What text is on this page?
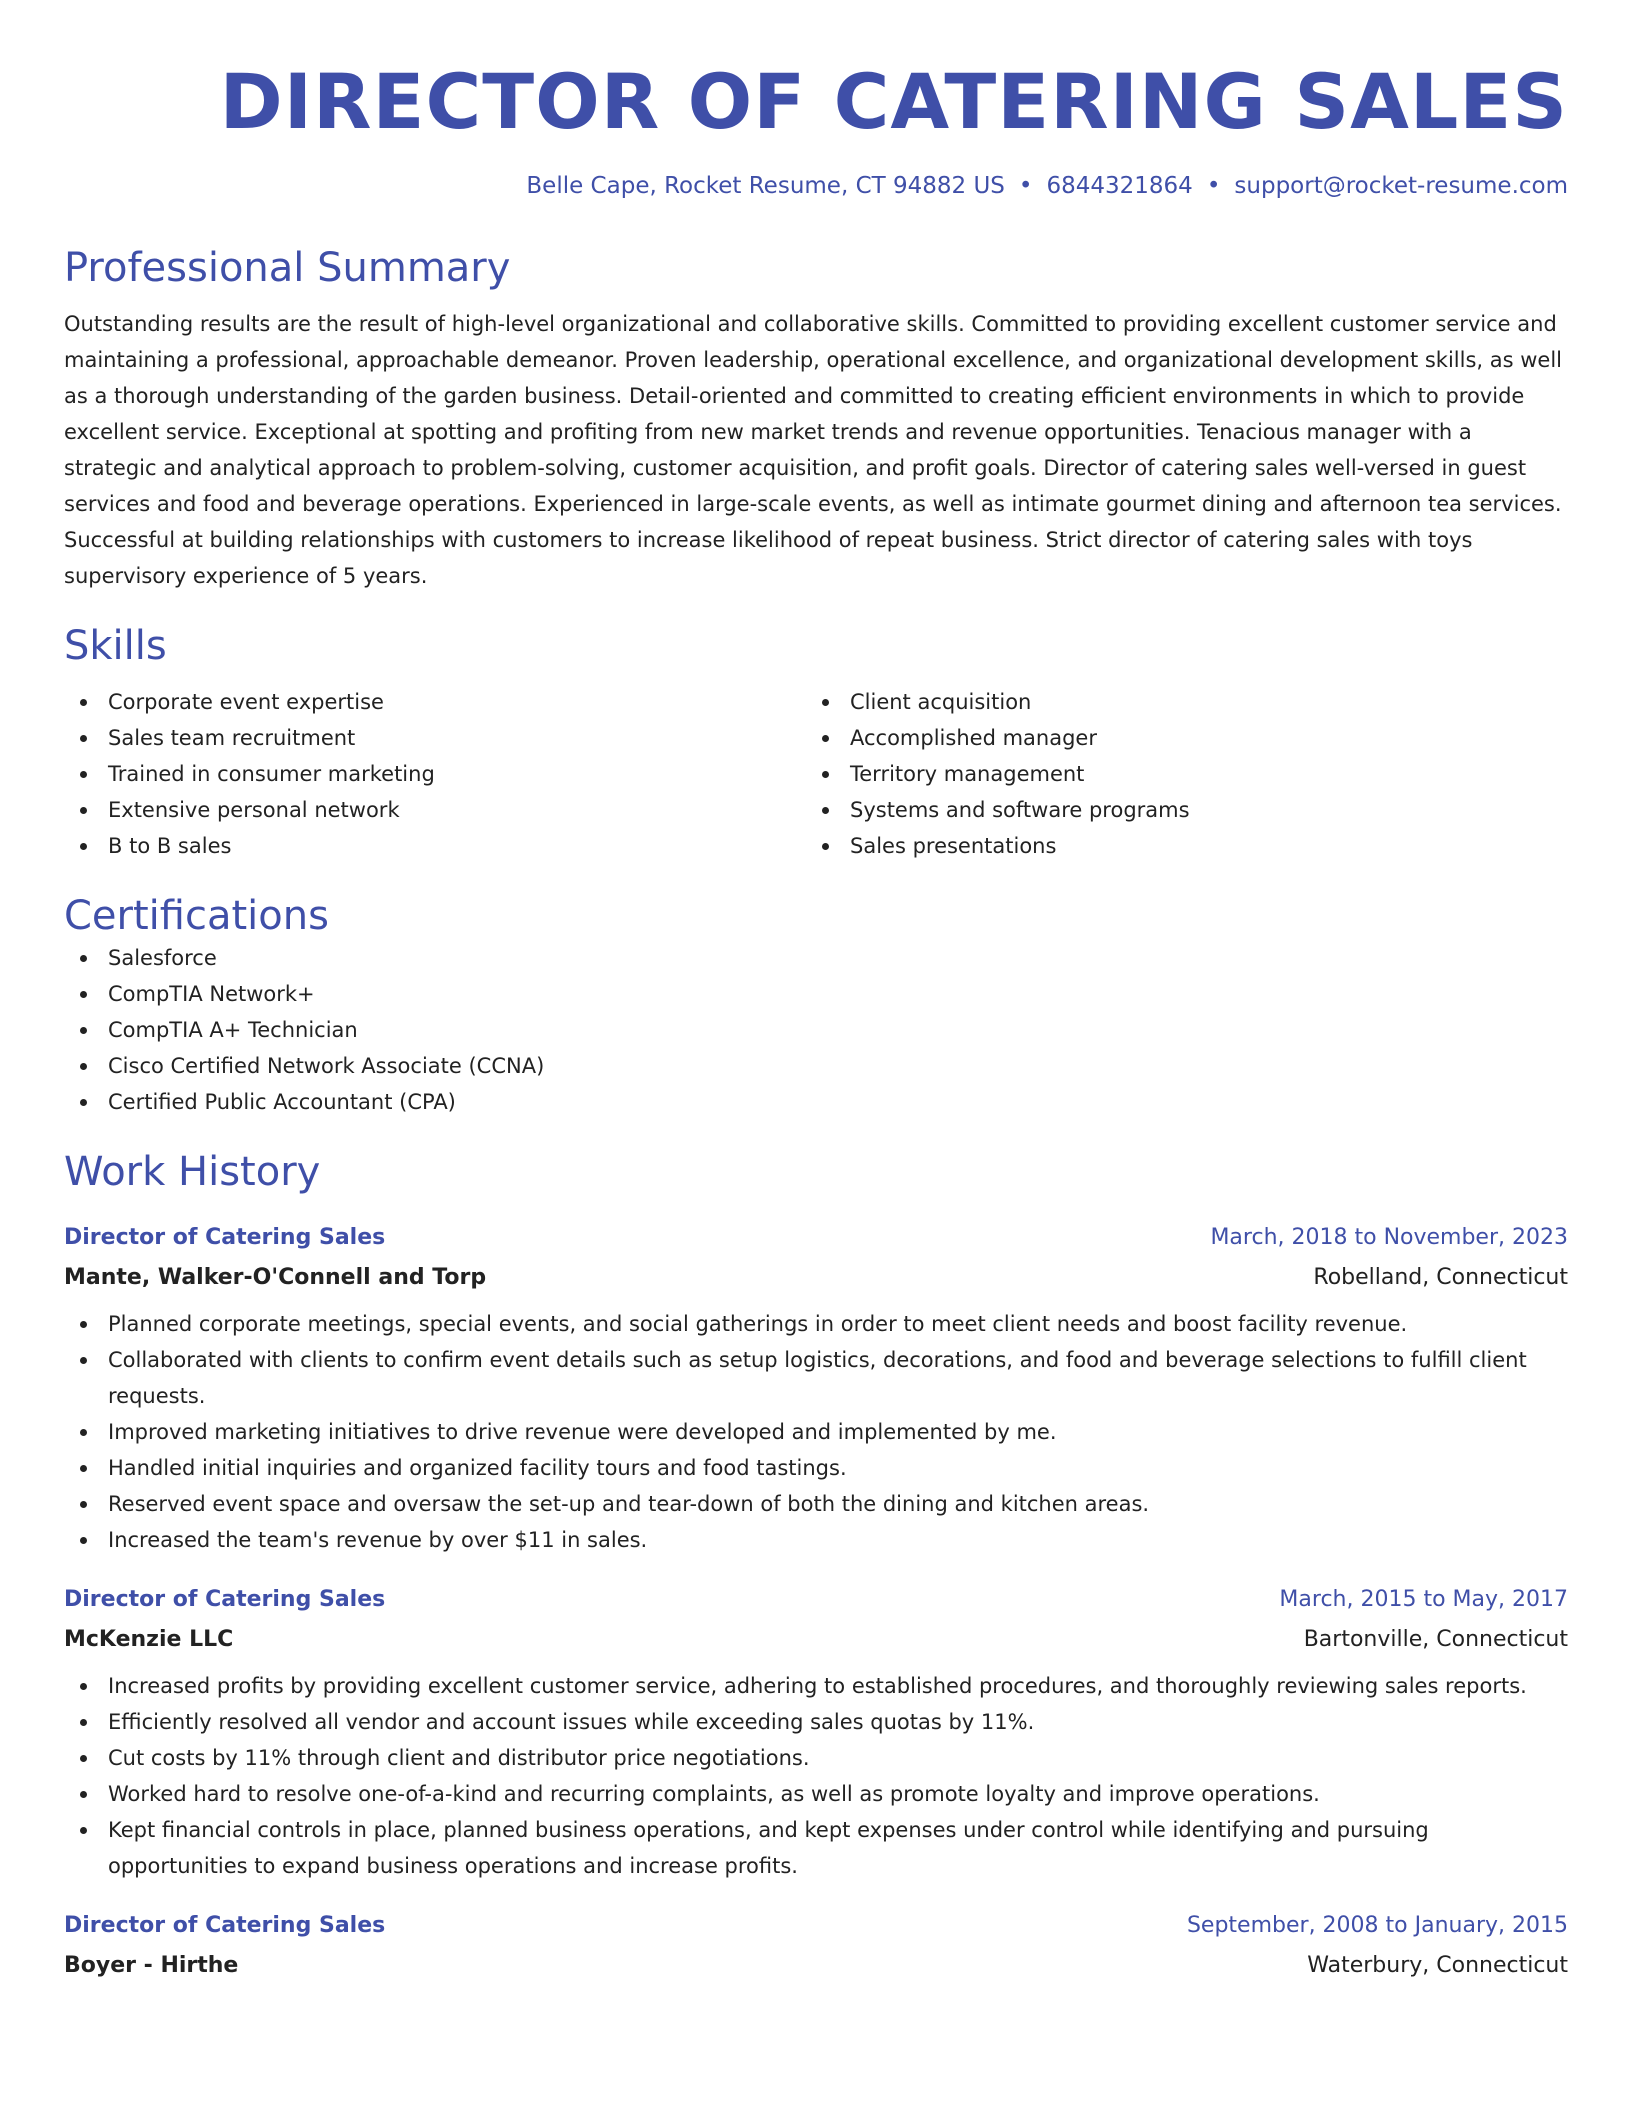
DIRECTOR OF CATERING SALES
Belle Cape, Rocket Resume, CT 94882 US • 6844321864 • support@rocket-resume.com
Professional Summary
Outstanding results are the result of high-level organizational and collaborative skills. Committed to providing excellent customer service and maintaining a professional, approachable demeanor. Proven leadership, operational excellence, and organizational development skills, as well as a thorough understanding of the garden business. Detail-oriented and committed to creating efficient environments in which to provide excellent service. Exceptional at spotting and profiting from new market trends and revenue opportunities. Tenacious manager with a strategic and analytical approach to problem-solving, customer acquisition, and profit goals. Director of catering sales well-versed in guest services and food and beverage operations. Experienced in large-scale events, as well as intimate gourmet dining and afternoon tea services. Successful at building relationships with customers to increase likelihood of repeat business. Strict director of catering sales with toys supervisory experience of 5 years.
Skills
Corporate event expertise
Sales team recruitment
Trained in consumer marketing
Extensive personal network
B to B sales
Client acquisition
Accomplished manager
Territory management
Systems and software programs
Sales presentations
Certifications
Salesforce
CompTIA Network+
CompTIA A+ Technician
Cisco Certified Network Associate (CCNA)
Certified Public Accountant (CPA)
Work History
Director of Catering Sales	March, 2018 to November, 2023
Mante, Walker-O'Connell and Torp	Robelland, Connecticut
Planned corporate meetings, special events, and social gatherings in order to meet client needs and boost facility revenue.
Collaborated with clients to confirm event details such as setup logistics, decorations, and food and beverage selections to fulfill client requests.
Improved marketing initiatives to drive revenue were developed and implemented by me.
Handled initial inquiries and organized facility tours and food tastings.
Reserved event space and oversaw the set-up and tear-down of both the dining and kitchen areas.
Increased the team's revenue by over $11 in sales.
Director of Catering Sales	March, 2015 to May, 2017
McKenzie LLC	Bartonville, Connecticut
Increased profits by providing excellent customer service, adhering to established procedures, and thoroughly reviewing sales reports.
Efficiently resolved all vendor and account issues while exceeding sales quotas by 11%.
Cut costs by 11% through client and distributor price negotiations.
Worked hard to resolve one-of-a-kind and recurring complaints, as well as promote loyalty and improve operations.
Kept financial controls in place, planned business operations, and kept expenses under control while identifying and pursuing opportunities to expand business operations and increase profits.
Director of Catering Sales	September, 2008 to January, 2015
Boyer - Hirthe	Waterbury, Connecticut
